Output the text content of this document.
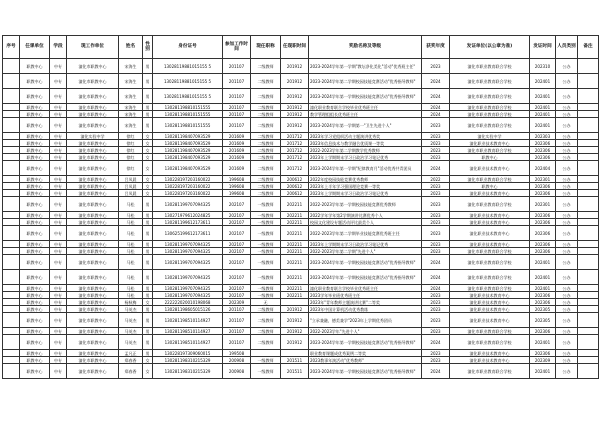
序号	任课单位	学段	现工作单位	姓名	性别	身份证号	参加工作时间	现任职称	任现职时间	奖励名称及等级	获奖年度	发证单位(以公章为准)	发证时间	人员类别	备注
	职教中心	中专	潼化市职教中心	宋海生	男	13028119881015155 5	201107	二级教师	201912	2023-2024学年第一学期"教坛净化美化"活动"优秀班主任"	2023	潼化市职业教育联合学校	202310	公办	
	职教中心	中专	潼化市职教中心	宋海生	男	13028119881015155 5	201107	二级教师	201912	2023-2024学年第二学期校园技能竞赛活动"优秀指导教师"	2024	潼化市职业教育联合学校	202401	公办	
	职教中心	中专	潼化市职教中心	宋海生	男	13028119881015155 5	201107	二级教师	201912	2023-2024学年第一学期校园技能竞赛活动"优秀指导教师"	2024	潼化市职业教育联合学校	202401	公办	
	职教中心	中专	潼化市职教中心	宋海生	男	130281198810151555	201107	二级教师	201912	潼化职业教育联合学校毕业优秀班主任	2024	潼化市职业教育联合学校	202401	公办	
	职教中心	中专	潼化市职教中心	宋海生	男	130281198810151555	201107	二级教师	201912	教学管理组组长优秀班主任	2024	潼化市职业教育联合学校	202401	公办	
	职教中心	中专	潼化市职教中心	宋海生	男	130281198810151555	201107	二级教师	201912	2023-2024学年第一学期第一"卫生先进个人"	2023	潼化市职业教育联合学校	202401	公办	
	职教中心	中专	潼化实验中学	徐红	女	130281198407093529	201609	二级教师	201712	2023年学习党组织活动主题演讲优秀奖	2023	潼化实验中学	202303	公办	
	职教中心	中专	潼化市职教中心	徐红	女	130281198407093529	201609	二级教师	201712	2023年信息技术与教学融合优质课一等奖	2023	潼化职业技术教育中心	202306	公办	
	职教中心	中专	潼化市职教中心	徐红	女	130281198407093529	201609	二级教师	201712	2022-2023学年第二学期教学优秀教师	2023	潼化市职业教育联合学校	202306	公办	
	职教中心	中专	潼化市职教中心	徐红	女	130281198407093529	201609	二级教师	201712	2023年上学期期末学习日政治学习笔记优秀	2023	职教中心	202306	公办	
	职教中心	中专	潼化市职教中心	徐红	女	130281198407093529	201609	二级教师	201712	2023-2024学年第一学期"纪律教育月"活动优秀共青团员	2024	潼化职业技术教育中心	202404	公办	
	职教中心	中专	潼化市职教中心	吕凤晨	女	130228197203160022	199608	二级教师	200612	2022年度校园技能竞赛优秀教师	2022	潼化市职业教育联合学校	202301	公办	
	职教中心	中专	潼化市职教中心	吕凤晨	女	130228197203160022	199608	二级教师	200612	2023年上半年学习强国理论竞赛一等奖	2023	职教中心	202306	公办	
	职教中心	中专	潼化市职教中心	吕凤晨	女	130228197203160022	199608	二级教师	200612	2023年上学期期末学习日政治学习笔记优秀	2023	潼化职业技术教育中心	202306	公办	
	职教中心	中专	潼化市职教中心	马松	男	130281199707094325	202107	一级教师	202211	2022-2023学年第一学期校园技能竞赛优秀教师	2023	潼化市职业教育联合学校	202301	公办	
	职教中心	中专	潼化市职教中心	马松	男	130271979612024825	202107	一级教师	202211	2022学年学年第2学期演讲比赛优秀个人	2023	潼化职业技术教育中心	202306	公办	
	职教中心	中专	潼化市职教中心	马松	男	130281199612173611	202107	一级教师	202211	校园文化建设专题活动评比最美个人	2023	潼化职业技术教育中心	202306	公办	
	职教中心	中专	潼化市职教中心	马松	男	130625199612173611	202107	一级教师	202211	2022-2023学年第二学期毕业技能竞赛优秀班主任	2023	潼化职业技术教育中心	202306	公办	
	职教中心	中专	潼化市职教中心	马松	男	130281199707094325	202107	一级教师	202211	2023年上学期期末学习日政治学习笔记优秀	2023	潼化职业技术教育中心	202306	公办	
	职教中心	中专	潼化市职教中心	马松	男	130281199707094325	202107	一级教师	202211	2022-2023学年第二学期"先进个人"	2023	潼化市职业教育联合学校	202306	公办	
	职教中心	中专	潼化市职教中心	马松	男	130281199707094325	202107	一级教师	202211	2023-2024学年第一学期校园技能竞赛活动"优秀指导教师"	2024	潼化市职业教育联合学校	202401	公办	
	职教中心	中专	潼化市职教中心	马松	男	130281199707094325	202107	一级教师	202211	2023-2024学年第一学期校园技能竞赛活动"优秀指导教师"	2024	潼化市职业教育联合学校	202401	公办	
	职教中心	中专	潼化市职教中心	马松	男	130281199707094325	202107	一级教师	202211	潼化职业教育联合学校毕业优秀班主任	2024	潼化市职业教育联合学校	202401	公办	
	职教中心	中专	潼化市职教中心	马松	男	130281199707094325	202107	一级教师	202211	2023学年毕业班优秀班主任	2023	潼化职业技术教育中心	202306	公办	
	职教中心	中专	潼化市职教中心	杨秋梅	女	222222020010198068	202309	无		2023年"青年教师主题演讲比赛"二等奖	2023	潼化职业技术教育中心	202306	公办	
	职教中心	中专	潼化市职教中心	马英杰	男	130281198605015126	201107	二级教师	201912	2023年中国计算机活动优秀教练	2023	潼化职业技术教育中心	202305	公办	
	职教中心	中专	潼化市职教中心	马英杰	男	130281198510114927	201107	二级教师	201912	"立承兼融，德美兼学"2023年上学期优秀团员	2023	潼化职业技术教育中心	202305	公办	
	职教中心	中专	潼化市职教中心	马英杰	男	130281198510114927	201107	二级教师	201912	2022-2023学年"先进个人"	2023	潼化市职业教育联合学校	202306	公办	
	职教中心	中专	潼化市职教中心	马英杰	男	130281198510114927	201107	二级教师	201912	2023-2024学年第一学期校园技能竞赛活动"优秀指导教师"	2024	潼化市职业教育联合学校	202401	公办	
	职教中心	中专	潼化市职教中心	孟凡正	男	130228197309060015	199508			职业教育课题成优秀案例二等奖	2023	潼化职业技术教育中心	202306	公办	
	职教中心	中专	潼化市职教中心	郑春香	女	130281198310215329	200908	一级教师	201511	2023教事年演活动"优秀教师"	2023	潼化职业技术教育中心	202309	公办	
	职教中心	中专	潼化市职教中心	郑春香	女	130281198310215329	200908	一级教师	201511	2023-2024学年第一学期校园技能竞赛活动"优秀指导教师"	2024	潼化市职业教育联合学校	202401	公办	
